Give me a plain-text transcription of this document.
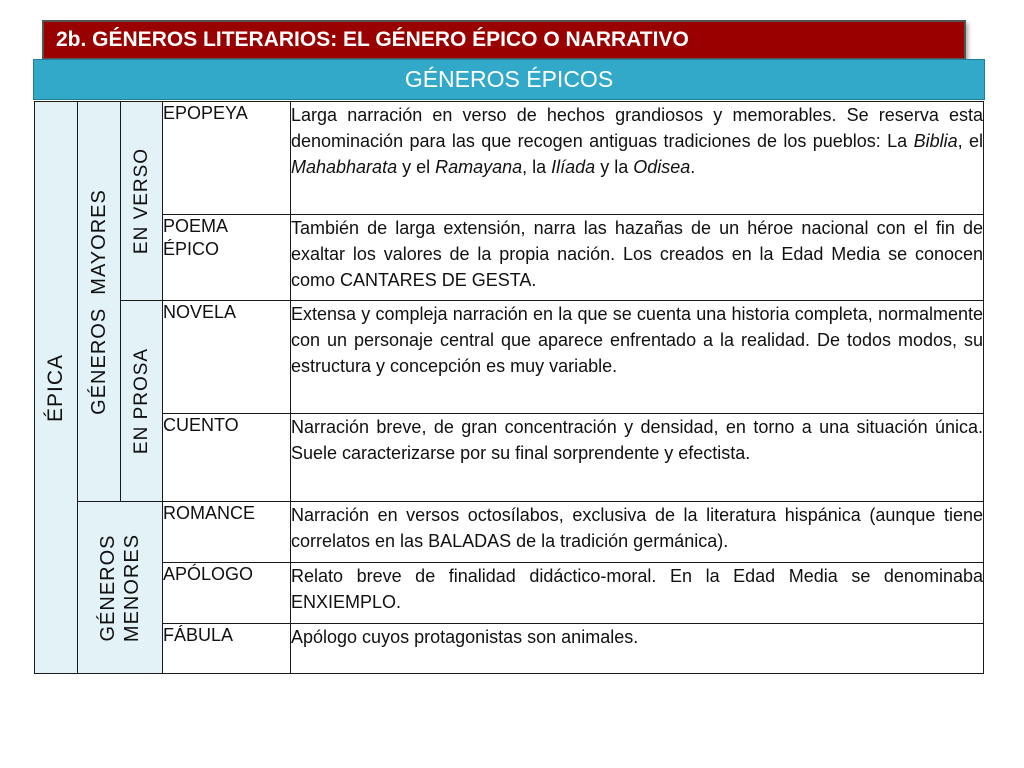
2b. GÉNEROS LITERARIOS: EL GÉNERO ÉPICO O NARRATIVO
GÉNEROS ÉPICOS
ÉPICA	GÉNEROS  MAYORES	EN VERSO	EPOPEYA	Larga narración en verso de hechos grandiosos y memorables. Se reserva esta denominación para las que recogen antiguas tradiciones de los pueblos: La Biblia, el Mahabharata y el Ramayana, la Ilíada y la Odisea.
			POEMA
ÉPICO	También de larga extensión, narra las hazañas de un héroe nacional con el fin de exaltar los valores de la propia nación. Los creados en la Edad Media se conocen como CANTARES DE GESTA.

		EN PROSA	NOVELA	Extensa y compleja narración en la que se cuenta una historia completa, normalmente con un personaje central que aparece enfrentado a la realidad. De todos modos, su estructura y concepción es muy variable.
			CUENTO	Narración breve, de gran concentración y densidad, en torno a una situación única. Suele caracterizarse por su final sorprendente y efectista.

	GÉNEROS MENORES		ROMANCE	Narración en versos octosílabos, exclusiva de la literatura hispánica (aunque tiene correlatos en las BALADAS de la tradición germánica).
			APÓLOGO	Relato breve de finalidad didáctico-moral. En la Edad Media se denominaba ENXIEMPLO.
			FÁBULA	Apólogo cuyos protagonistas son animales.
